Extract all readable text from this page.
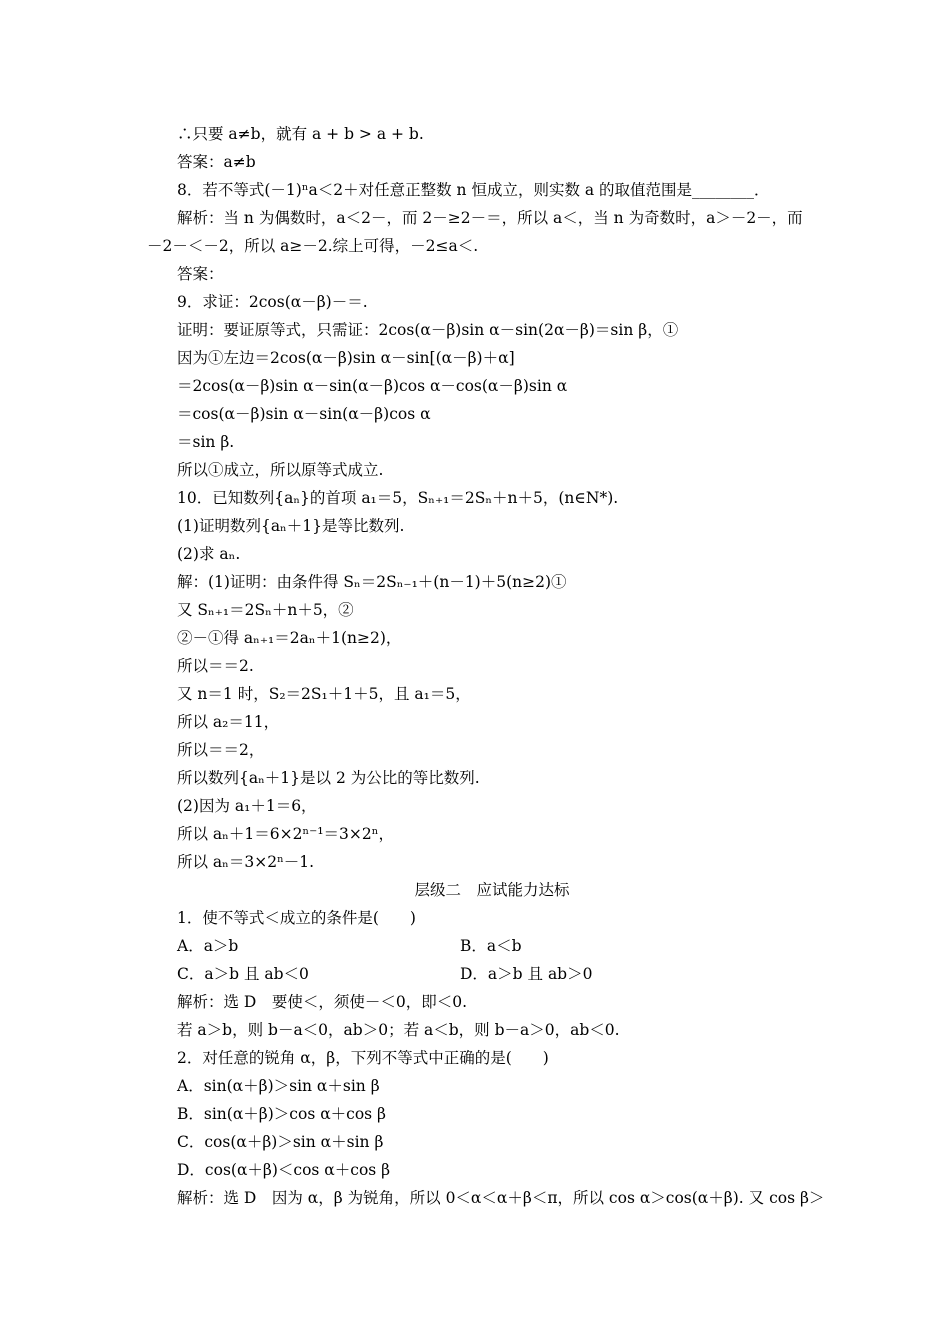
∴只要 a≠b，就有 a + b > a + b.
答案：a≠b
8．若不等式(－1)ⁿa＜2＋对任意正整数 n 恒成立，则实数 a 的取值范围是________．
解析：当 n 为偶数时，a＜2－，而 2－≥2－＝，所以 a＜，当 n 为奇数时，a＞－2－，而－2－＜－2，所以 a≥－2.综上可得，－2≤a＜.
答案：
9．求证：2cos(α－β)－＝.
证明：要证原等式，只需证：2cos(α－β)sin α－sin(2α－β)＝sin β，①
因为①左边＝2cos(α－β)sin α－sin[(α－β)＋α]
＝2cos(α－β)sin α－sin(α－β)cos α－cos(α－β)sin α
＝cos(α－β)sin α－sin(α－β)cos α
＝sin β.
所以①成立，所以原等式成立.
10．已知数列{aₙ}的首项 a₁＝5，Sₙ₊₁＝2Sₙ＋n＋5，(n∈N*).
(1)证明数列{aₙ＋1}是等比数列.
(2)求 aₙ.
解：(1)证明：由条件得 Sₙ＝2Sₙ₋₁＋(n－1)＋5(n≥2)①
又 Sₙ₊₁＝2Sₙ＋n＋5，②
②－①得 aₙ₊₁＝2aₙ＋1(n≥2)，
所以＝＝2.
又 n＝1 时，S₂＝2S₁＋1＋5，且 a₁＝5，
所以 a₂＝11，
所以＝＝2，
所以数列{aₙ＋1}是以 2 为公比的等比数列.
(2)因为 a₁＋1＝6，
所以 aₙ＋1＝6×2ⁿ⁻¹＝3×2ⁿ，
所以 aₙ＝3×2ⁿ－1.
层级二　应试能力达标
1．使不等式＜成立的条件是(　　)
A．a＞b	B．a＜b
C．a＞b 且 ab＜0	D．a＞b 且 ab＞0
解析：选 D　要使＜，须使－＜0，即＜0.
若 a＞b，则 b－a＜0，ab＞0；若 a＜b，则 b－a＞0，ab＜0.
2．对任意的锐角 α，β，下列不等式中正确的是(　　)
A．sin(α＋β)＞sin α＋sin β
B．sin(α＋β)＞cos α＋cos β
C．cos(α＋β)＞sin α＋sin β
D．cos(α＋β)＜cos α＋cos β
解析：选 D　因为 α，β 为锐角，所以 0＜α＜α＋β＜π，所以 cos α＞cos(α＋β). 又 cos β＞
